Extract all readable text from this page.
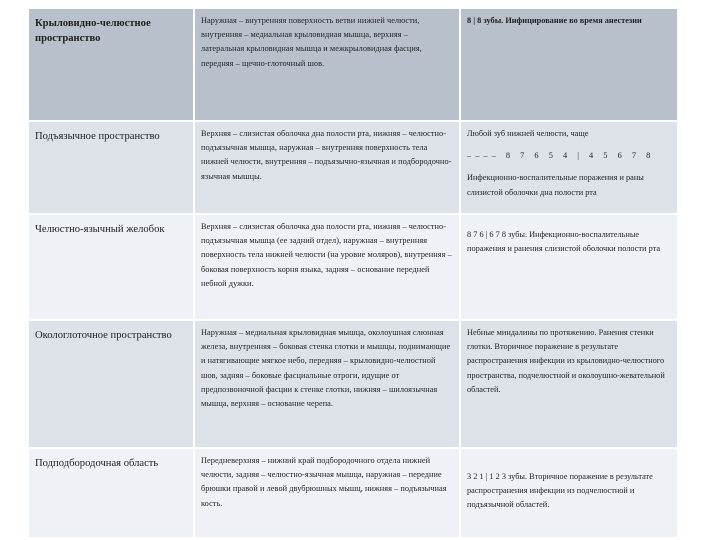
Крыловидно-челюстное пространство	Наружная – внутренняя поверхность ветви нижней челюсти, внутренняя – медиальная крыловидная мышца, верхняя – латеральная крыловидная мышца и межкрыловидная фасция, передняя – щечно-глоточный шов.	8 | 8 зубы. Инфицирование во время анестезии
Подъязычное пространство	Верхняя – слизистая оболочка дна полости рта, нижняя – челюстно-подъязычная мышца, наружная – внутренняя поверхность тела нижней челюсти, внутренняя – подъязычно-язычная и подбородочно-язычная мышцы.	Любой зуб нижней челюсти, чаще
–––– 8 7 6 5 4 | 4 5 6 7 8
Инфекционно-воспалительные поражения и раны слизистой оболочки дна полости рта

Челюстно-язычный желобок	Верхняя – слизистая оболочка дна полости рта, нижняя – челюстно-подъязычная мышца (ее задний отдел), наружная – внутренняя поверхность тела нижней челюсти (на уровне моляров), внутренняя – боковая поверхность корня языка, задняя – основание передней небной дужки.	8 7 6 | 6 7 8 зубы. Инфекционно-воспалительные поражения и ранения слизистой оболочки полости рта

Окологлоточное пространство	Наружная – медиальная крыловидная мышца, околоушная слюнная железа, внутренняя – боковая стенка глотки и мышцы, поднимающие и натягивающие мягкое небо, передняя – крыловидно-челюстной шов, задняя – боковые фасциальные отроги, идущие от предпозвоночной фасции к стенке глотки, нижняя – шилоязычная мышца, верхняя – основание черепа.	Небные миндалины по протяжению. Ранения стенки глотки. Вторичное поражение в результате распространения инфекции из крыловидно-челюстного пространства, подчелюстной и околоушно-жевательной областей.
Подподбородочная область	Передневерхняя – нижний край подбородочного отдела нижней челюсти, задняя – челюстно-язычная мышца, наружная – передние брюшки правой и левой двубрюшных мышц, нижняя – подъязычная кость.	3 2 1 | 1 2 3 зубы. Вторичное поражение в результате распространения инфекции из подчелюстной и подъязычной областей.
